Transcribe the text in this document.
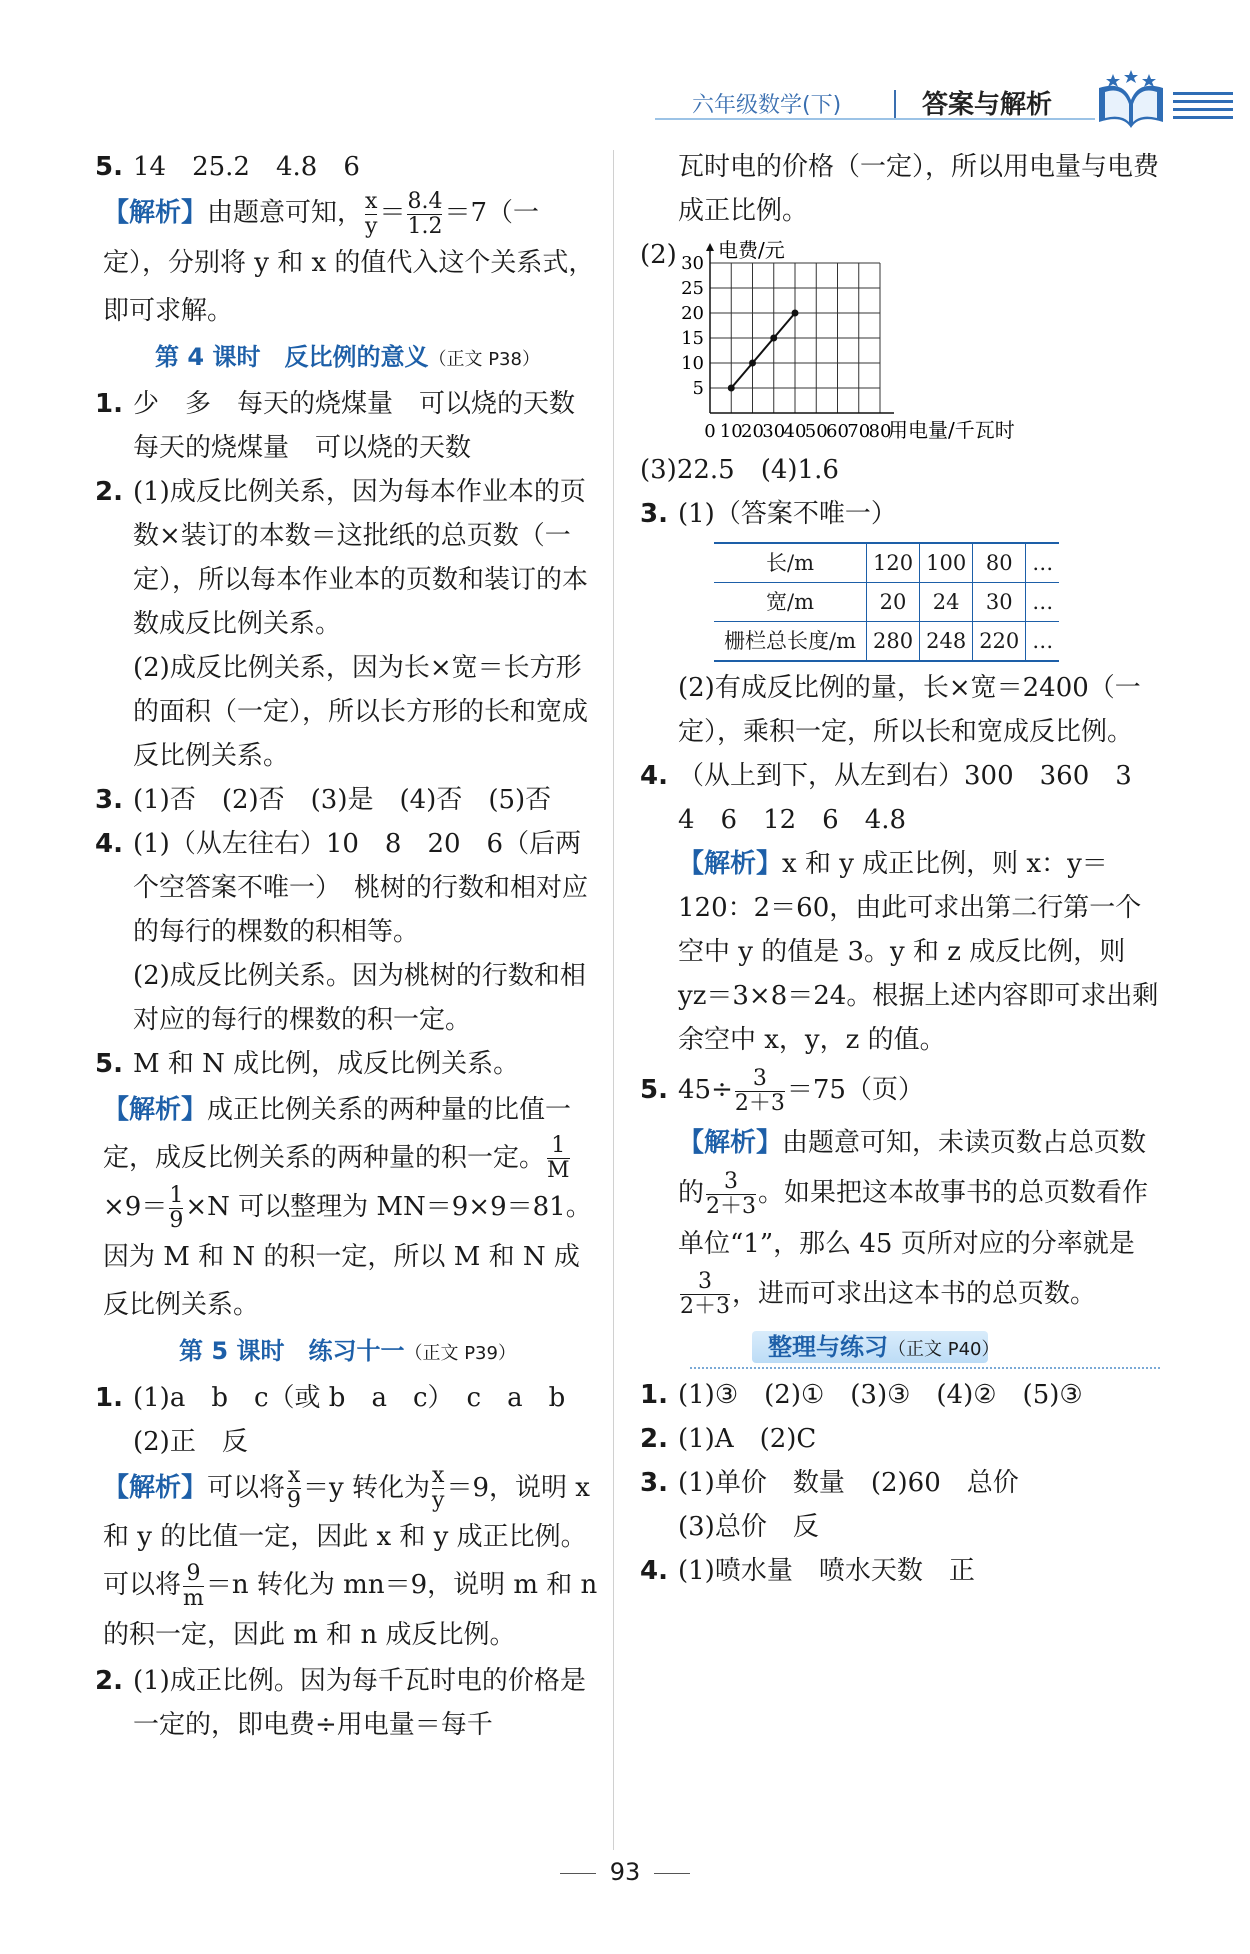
六年级数学(下)	答案与解析
5. 14　25.2　4.8　6

【解析】由题意可知， $\frac{x}{y} = \frac{8.4}{1.2} =7$（一定），分别将 y 和 x 的值代入这个关系式，即可求解。
第 4 课时　反比例的意义（正文 P38）
1. 少　多　每天的烧煤量　可以烧的天数　每天的烧煤量　可以烧的天数

2. (1)成反比例关系，因为每本作业本的页数×装订的本数＝这批纸的总页数（一定），所以每本作业本的页数和装订的本数成反比例关系。

(2)成反比例关系，因为长×宽＝长方形的面积（一定），所以长方形的长和宽成反比例关系。

3. (1)否　(2)否　(3)是　(4)否　(5)否

4. (1)（从左往右）10　8　20　6（后两个空答案不唯一）　桃树的行数和相对应的每行的棵数的积相等。

(2)成反比例关系。因为桃树的行数和相对应的每行的棵数的积一定。

5. M 和 N 成比例，成反比例关系。

【解析】成正比例关系的两种量的比值一定，成反比例关系的两种量的积一定。 $\frac{1}{M}$
$\times 9= \frac{1}{9} \times N$ 可以整理为 MN＝9×9＝81。因为 M 和 N 的积一定，所以 M 和 N 成反比例关系。
第 5 课时　练习十一（正文 P39）
1. (1)a　b　c（或 b　a　c）　c　a　b

(2)正　反

【解析】可以将 $\frac{x}{9} =y$ 转化为 $\frac{x}{y} =9$，说明 x 和 y 的比值一定，因此 x 和 y 成正比例。可以将 $\frac{9}{m} =n$ 转化为 mn＝9，说明 m 和 n 的积一定，因此 m 和 n 成反比例。
2. (1)成正比例。因为每千瓦时电的价格是一定的，即电费÷用电量＝每千

瓦时电的价格（一定），所以用电量与电费成正比例。

(2)
0 10
20
30
40
50
60
70
80
5
10
15
20
25
30
用电量/千瓦时
电费/元

(3)22.5　(4)1.6

3. (1)（答案不唯一）

长/m	120	100	80	…
宽/m	20	24	30	…
栅栏总长度/m	280	248	220	…

(2)有成反比例的量，长×宽＝2400（一定），乘积一定，所以长和宽成反比例。

4. （从上到下，从左到右）300　360　3　4　6　12　6　4.8

【解析】x 和 y 成正比例，则 x：y＝120：2＝60，由此可求出第二行第一个空中 y 的值是 3。y 和 z 成反比例，则 yz＝3×8＝24。根据上述内容即可求出剩余空中 x，y，z 的值。
5. $45\div \frac{3}{2+3} =75$（页）
【解析】由题意可知，未读页数占总页数的 $\frac{3}{2+3}$ 。如果把这本故事书的总页数看作单位“1”，那么 45 页所对应的分率就是
$\frac{3}{2+3}$ ，进而可求出这本书的总页数。
整理与练习（正文 P40）
1. (1)③　(2)①　(3)③　(4)②　(5)③

2. (1)A　(2)C

3. (1)单价　数量　(2)60　总价

(3)总价　反

4. (1)喷水量　喷水天数　正

93
